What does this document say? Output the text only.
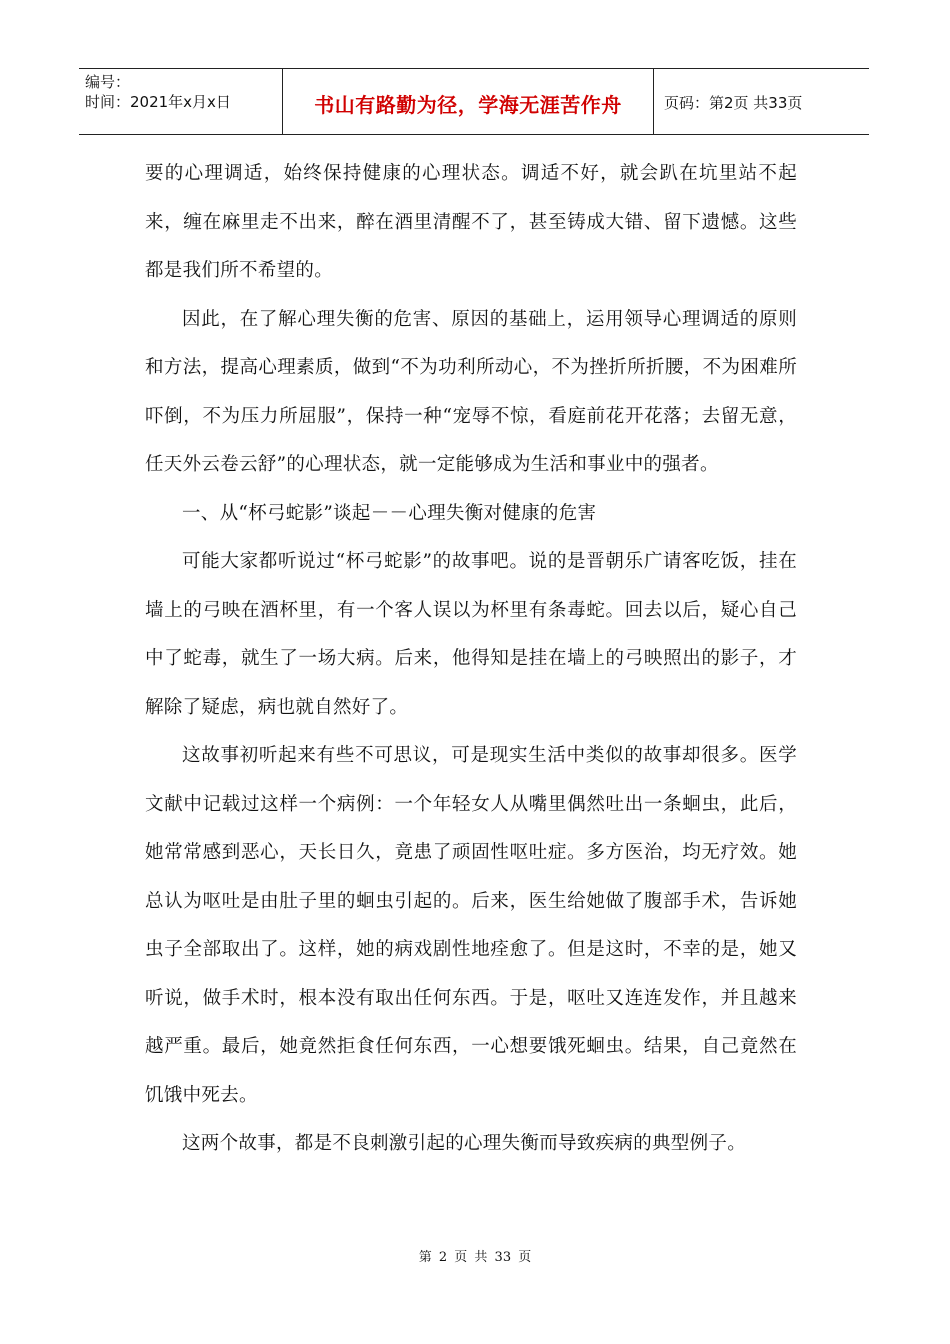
编号：
时间：2021年x月x日	书山有路勤为径，学海无涯苦作舟	页码：第2页 共33页

要的心理调适，始终保持健康的心理状态。调适不好，就会趴在坑里站不起来，缠在麻里走不出来，醉在酒里清醒不了，甚至铸成大错、留下遗憾。这些都是我们所不希望的。

因此，在了解心理失衡的危害、原因的基础上，运用领导心理调适的原则和方法，提高心理素质，做到“不为功利所动心，不为挫折所折腰，不为困难所吓倒，不为压力所屈服”，保持一种“宠辱不惊，看庭前花开花落；去留无意，任天外云卷云舒”的心理状态，就一定能够成为生活和事业中的强者。

一、从“杯弓蛇影”谈起－－心理失衡对健康的危害

可能大家都听说过“杯弓蛇影”的故事吧。说的是晋朝乐广请客吃饭，挂在墙上的弓映在酒杯里，有一个客人误以为杯里有条毒蛇。回去以后，疑心自己中了蛇毒，就生了一场大病。后来，他得知是挂在墙上的弓映照出的影子，才解除了疑虑，病也就自然好了。

这故事初听起来有些不可思议，可是现实生活中类似的故事却很多。医学文献中记载过这样一个病例：一个年轻女人从嘴里偶然吐出一条蛔虫，此后，她常常感到恶心，天长日久，竟患了顽固性呕吐症。多方医治，均无疗效。她总认为呕吐是由肚子里的蛔虫引起的。后来，医生给她做了腹部手术，告诉她虫子全部取出了。这样，她的病戏剧性地痊愈了。但是这时，不幸的是，她又听说，做手术时，根本没有取出任何东西。于是，呕吐又连连发作，并且越来越严重。最后，她竟然拒食任何东西，一心想要饿死蛔虫。结果，自己竟然在饥饿中死去。

这两个故事，都是不良刺激引起的心理失衡而导致疾病的典型例子。

第 2 页 共 33 页
